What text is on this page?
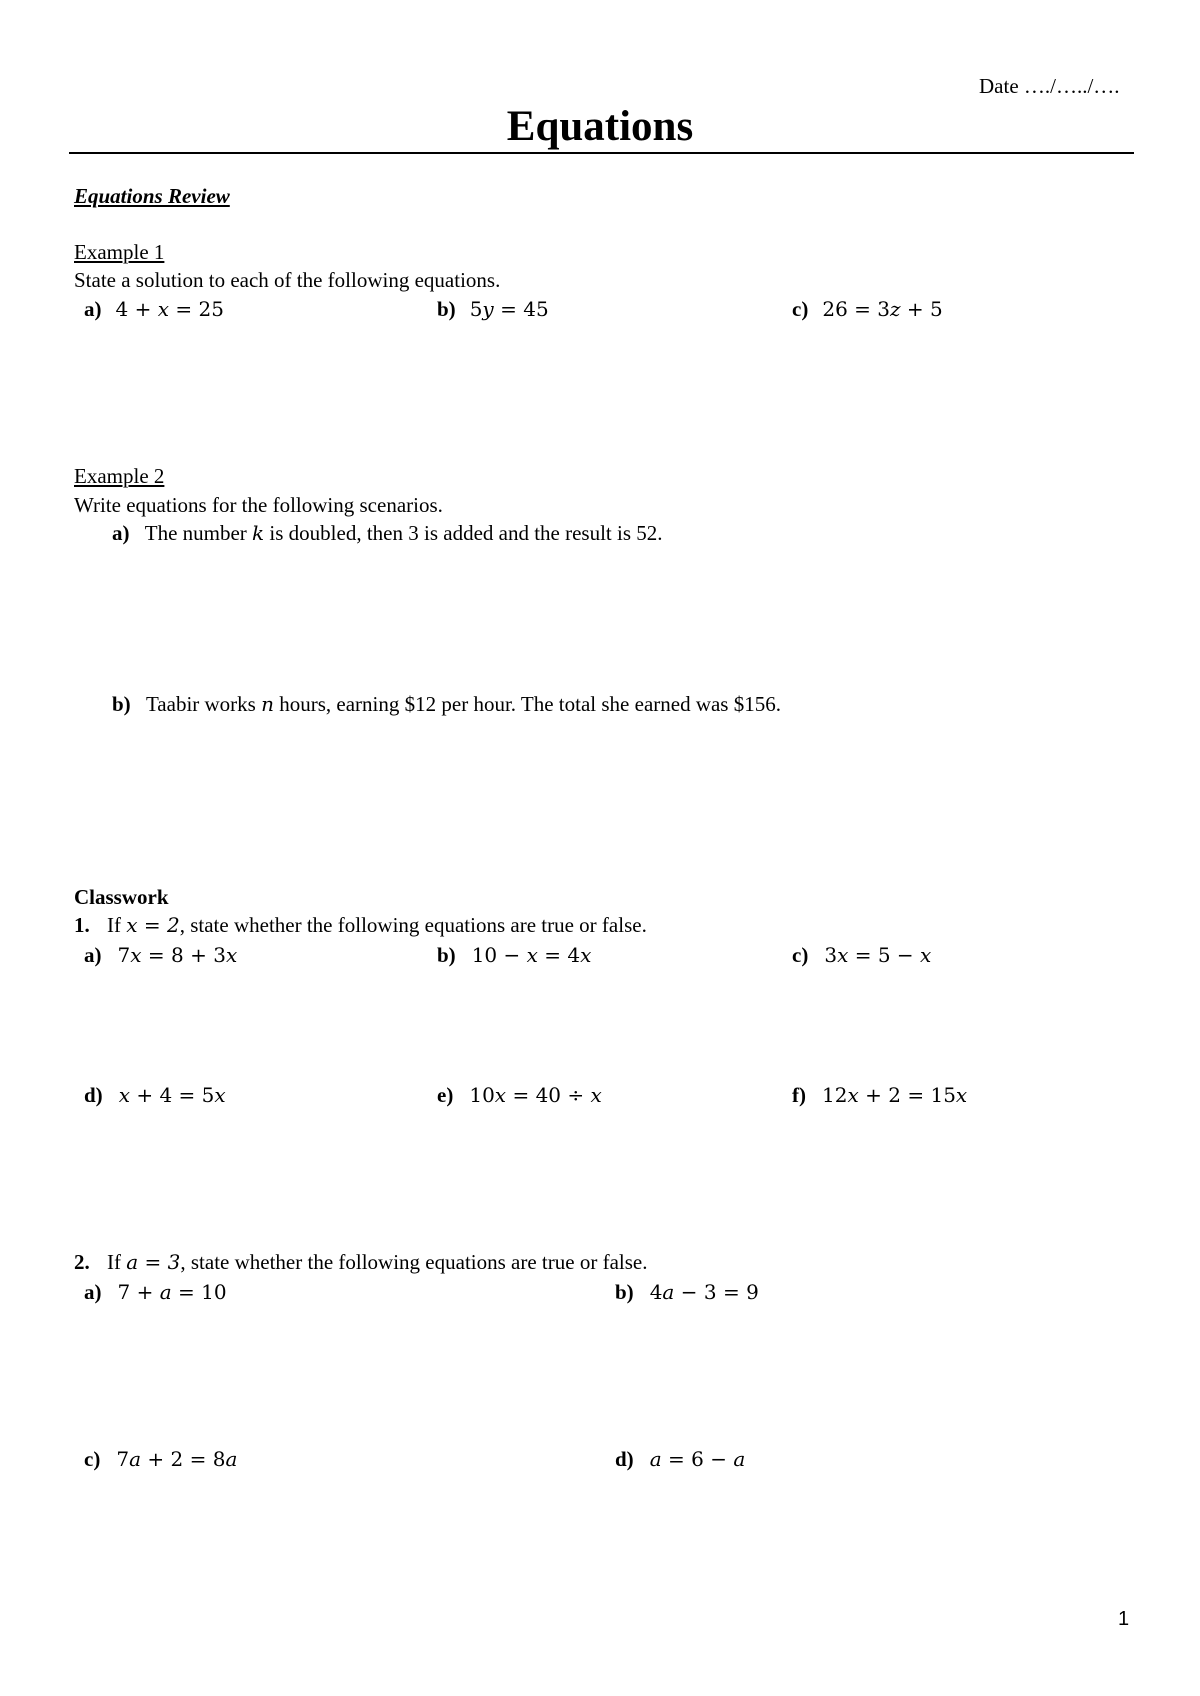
Date …./…../….
Equations
Equations Review
Example 1
State a solution to each of the following equations.
a) 4 + x = 25	b) 5y = 45	c) 26 = 3z + 5
Example 2
Write equations for the following scenarios.
a) The number k is doubled, then 3 is added and the result is 52.
b) Taabir works n hours, earning $12 per hour. The total she earned was $156.
Classwork
1. If x = 2, state whether the following equations are true or false.
a) 7x = 8 + 3x	b) 10 − x = 4x	c) 3x = 5 − x
d) x + 4 = 5x	e) 10x = 40 ÷ x	f) 12x + 2 = 15x
2. If a = 3, state whether the following equations are true or false.
a) 7 + a = 10	b) 4a − 3 = 9
c) 7a + 2 = 8a	d) a = 6 − a
1
